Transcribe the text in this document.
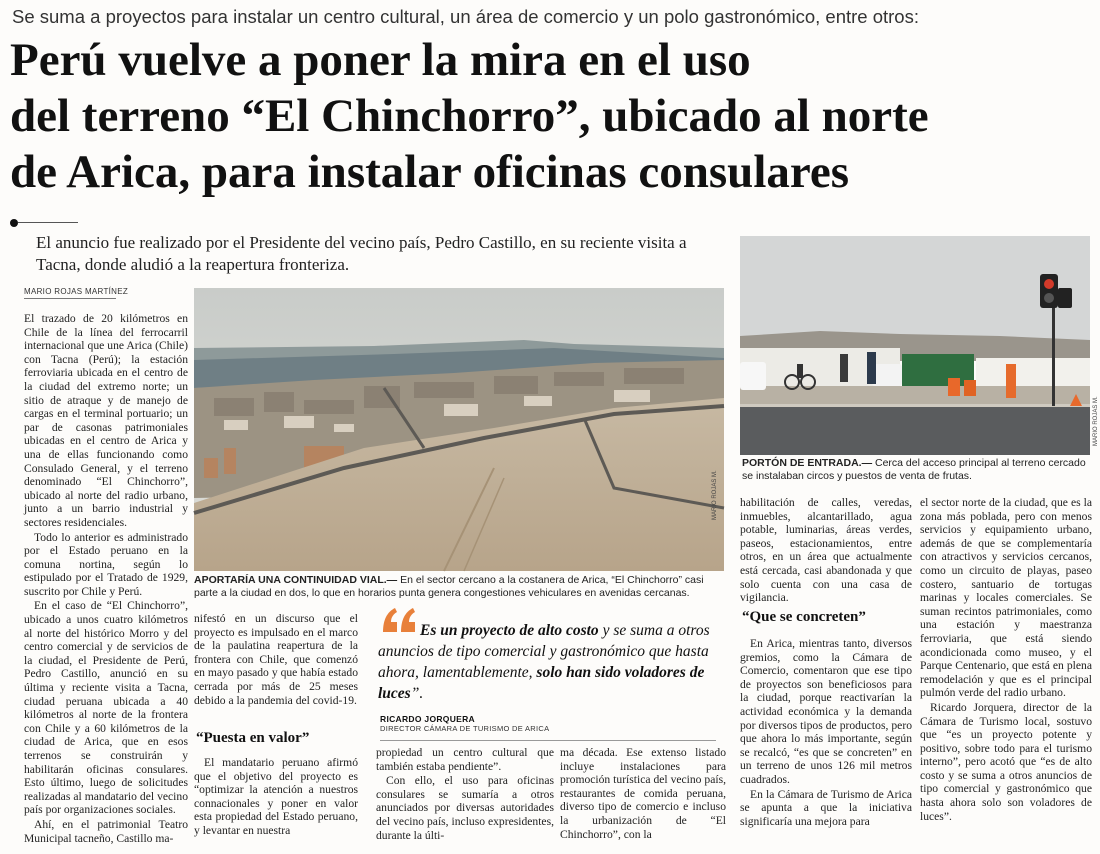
Se suma a proyectos para instalar un centro cultural, un área de comercio y un polo gastronómico, entre otros:
Perú vuelve a poner la mira en el uso
del terreno “El Chinchorro”, ubicado al norte
de Arica, para instalar oficinas consulares
El anuncio fue realizado por el Presidente del vecino país, Pedro Castillo, en su reciente visita a Tacna, donde aludió a la reapertura fronteriza.
MARIO ROJAS MARTÍNEZ

El trazado de 20 kilómetros en Chile de la línea del ferrocarril internacional que une Arica (Chile) con Tacna (Perú); la estación ferroviaria ubicada en el centro de la ciudad del extremo norte; un sitio de atraque y de manejo de cargas en el terminal portuario; un par de casonas patrimoniales ubicadas en el centro de Arica y una de ellas funcionando como Consulado General, y el terreno denominado “El Chinchorro”, ubicado al norte del radio urbano, junto a un barrio industrial y sectores residenciales.

Todo lo anterior es administrado por el Estado peruano en la comuna nortina, según lo estipulado por el Tratado de 1929, suscrito por Chile y Perú.

En el caso de “El Chinchorro”, ubicado a unos cuatro kilómetros al norte del histórico Morro y del centro comercial y de servicios de la ciudad, el Presidente de Perú, Pedro Castillo, anunció en su última y reciente visita a Tacna, ciudad peruana ubicada a 40 kilómetros al norte de la frontera con Chile y a 60 kilómetros de la ciudad de Arica, que en esos terrenos se construirán y habilitarán oficinas consulares. Esto último, luego de solicitudes realizadas al mandatario del vecino país por organizaciones sociales.

Ahí, en el patrimonial Teatro Municipal tacneño, Castillo ma-

MARIO ROJAS M.
APORTARÍA UNA CONTINUIDAD VIAL.— En el sector cercano a la costanera de Arica, “El Chinchorro” casi parte a la ciudad en dos, lo que en horarios punta genera congestiones vehiculares en avenidas cercanas.

nifestó en un discurso que el proyecto es impulsado en el marco de la paulatina reapertura de la frontera con Chile, que comenzó en mayo pasado y que había estado cerrada por más de 25 meses debido a la pandemia del covid-19.

“Puesta en valor”

El mandatario peruano afirmó que el objetivo del proyecto es “optimizar la atención a nuestros connacionales y poner en valor esta propiedad del Estado peruano, y levantar en nuestra

Es un proyecto de alto costo y se suma a otros anuncios de tipo comercial y gastronómico que hasta ahora, lamentablemente, solo han sido voladores de luces”.
RICARDO JORQUERA
DIRECTOR CÁMARA DE TURISMO DE ARICA

propiedad un centro cultural que también estaba pendiente”.

Con ello, el uso para oficinas consulares se sumaría a otros anunciados por diversas autoridades del vecino país, incluso expresidentes, durante la últi-

ma década. Ese extenso listado incluye instalaciones para promoción turística del vecino país, restaurantes de comida peruana, diverso tipo de comercio e incluso la urbanización de “El Chinchorro”, con la

MARIO ROJAS M.
PORTÓN DE ENTRADA.— Cerca del acceso principal al terreno cercado se instalaban circos y puestos de venta de frutas.

habilitación de calles, veredas, inmuebles, alcantarillado, agua potable, luminarias, áreas verdes, paseos, estacionamientos, entre otros, en un área que actualmente está cercada, casi abandonada y que solo cuenta con una casa de vigilancia.

“Que se concreten”

En Arica, mientras tanto, diversos gremios, como la Cámara de Comercio, comentaron que ese tipo de proyectos son beneficiosos para la ciudad, porque reactivarían la actividad económica y la demanda por diversos tipos de productos, pero que ahora lo más importante, según se recalcó, “es que se concreten” en un terreno de unos 126 mil metros cuadrados.

En la Cámara de Turismo de Arica se apunta a que la iniciativa significaría una mejora para

el sector norte de la ciudad, que es la zona más poblada, pero con menos servicios y equipamiento urbano, además de que se complementaría con atractivos y servicios cercanos, como un circuito de playas, paseo costero, santuario de tortugas marinas y locales comerciales. Se suman recintos patrimoniales, como una estación y maestranza ferroviaria, que está siendo acondicionada como museo, y el Parque Centenario, que está en plena remodelación y que es el principal pulmón verde del radio urbano.

Ricardo Jorquera, director de la Cámara de Turismo local, sostuvo que “es un proyecto potente y positivo, sobre todo para el turismo interno”, pero acotó que “es de alto costo y se suma a otros anuncios de tipo comercial y gastronómico que hasta ahora solo son voladores de luces”.
